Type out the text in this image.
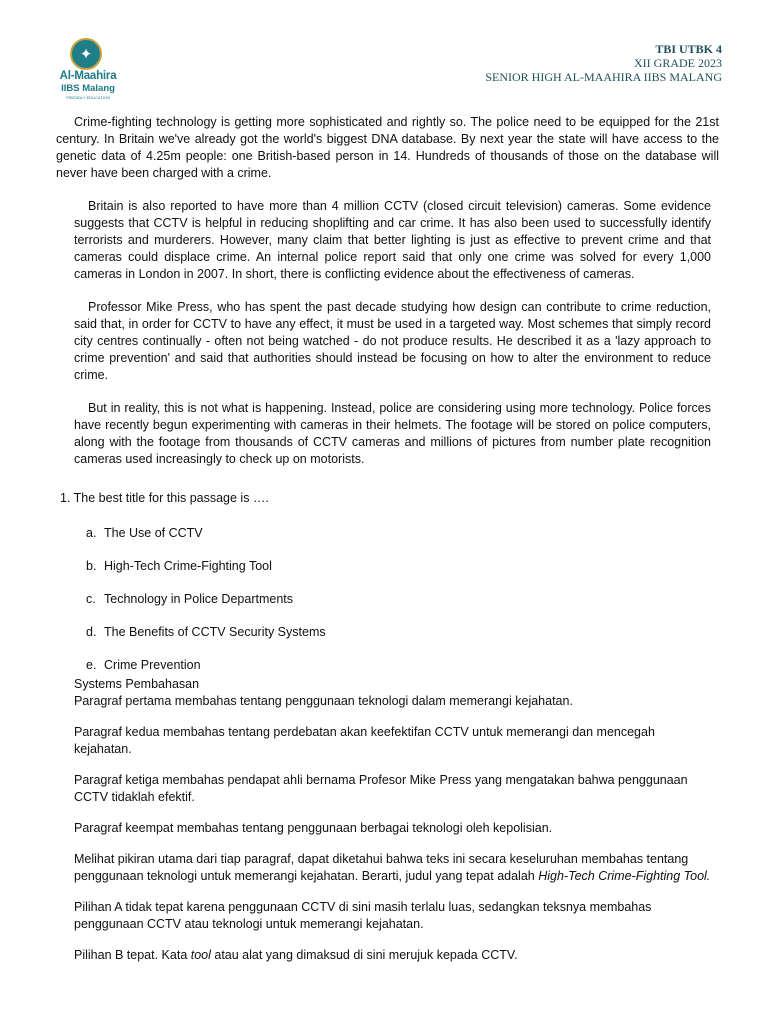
✦
Al-Maahira
IIBS Malang
FRIENDLY EDUCATION
TBI UTBK 4
XII GRADE 2023
SENIOR HIGH AL-MAAHIRA IIBS MALANG

Crime-fighting technology is getting more sophisticated and rightly so. The police need to be equipped for the 21st century. In Britain we've already got the world's biggest DNA database. By next year the state will have access to the genetic data of 4.25m people: one British-based person in 14. Hundreds of thousands of those on the database will never have been charged with a crime.

Britain is also reported to have more than 4 million CCTV (closed circuit television) cameras. Some evidence suggests that CCTV is helpful in reducing shoplifting and car crime. It has also been used to successfully identify terrorists and murderers. However, many claim that better lighting is just as effective to prevent crime and that cameras could displace crime. An internal police report said that only one crime was solved for every 1,000 cameras in London in 2007. In short, there is conflicting evidence about the effectiveness of cameras.

Professor Mike Press, who has spent the past decade studying how design can contribute to crime reduction, said that, in order for CCTV to have any effect, it must be used in a targeted way. Most schemes that simply record city centres continually - often not being watched - do not produce results. He described it as a 'lazy approach to crime prevention' and said that authorities should instead be focusing on how to alter the environment to reduce crime.

But in reality, this is not what is happening. Instead, police are considering using more technology. Police forces have recently begun experimenting with cameras in their helmets. The footage will be stored on police computers, along with the footage from thousands of CCTV cameras and millions of pictures from number plate recognition cameras used increasingly to check up on motorists.

1. The best title for this passage is ….
a. The Use of CCTV
b. High-Tech Crime-Fighting Tool
c. Technology in Police Departments
d. The Benefits of CCTV Security Systems
e. Crime Prevention
Systems Pembahasan

Paragraf pertama membahas tentang penggunaan teknologi dalam memerangi kejahatan.

Paragraf kedua membahas tentang perdebatan akan keefektifan CCTV untuk memerangi dan mencegah kejahatan.

Paragraf ketiga membahas pendapat ahli bernama Profesor Mike Press yang mengatakan bahwa penggunaan CCTV tidaklah efektif.

Paragraf keempat membahas tentang penggunaan berbagai teknologi oleh kepolisian.

Melihat pikiran utama dari tiap paragraf, dapat diketahui bahwa teks ini secara keseluruhan membahas tentang penggunaan teknologi untuk memerangi kejahatan. Berarti, judul yang tepat adalah High-Tech Crime-Fighting Tool.

Pilihan A tidak tepat karena penggunaan CCTV di sini masih terlalu luas, sedangkan teksnya membahas penggunaan CCTV atau teknologi untuk memerangi kejahatan.

Pilihan B tepat. Kata tool atau alat yang dimaksud di sini merujuk kepada CCTV.
